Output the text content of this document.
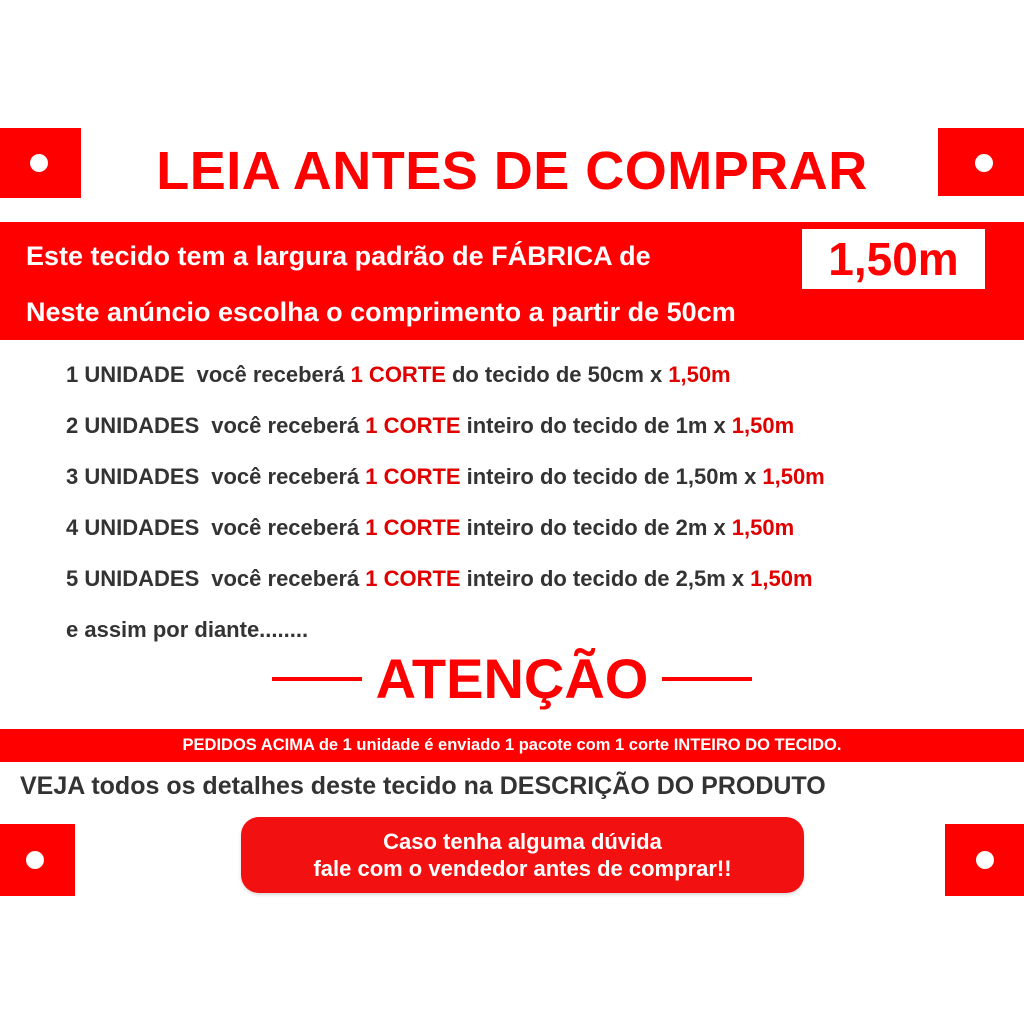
LEIA ANTES DE COMPRAR
Este tecido tem a largura padrão de FÁBRICA de	1,50m
Neste anúncio escolha o comprimento a partir de 50cm
1 UNIDADE você receberá 1 CORTE do tecido de 50cm x 1,50m
2 UNIDADES você receberá 1 CORTE inteiro do tecido de 1m x 1,50m
3 UNIDADES você receberá 1 CORTE inteiro do tecido de 1,50m x 1,50m
4 UNIDADES você receberá 1 CORTE inteiro do tecido de 2m x 1,50m
5 UNIDADES você receberá 1 CORTE inteiro do tecido de 2,5m x 1,50m
e assim por diante........
ATENÇÃO
PEDIDOS ACIMA de 1 unidade é enviado 1 pacote com 1 corte INTEIRO DO TECIDO.
VEJA todos os detalhes deste tecido na DESCRIÇÃO DO PRODUTO
Caso tenha alguma dúvida
fale com o vendedor antes de comprar!!
